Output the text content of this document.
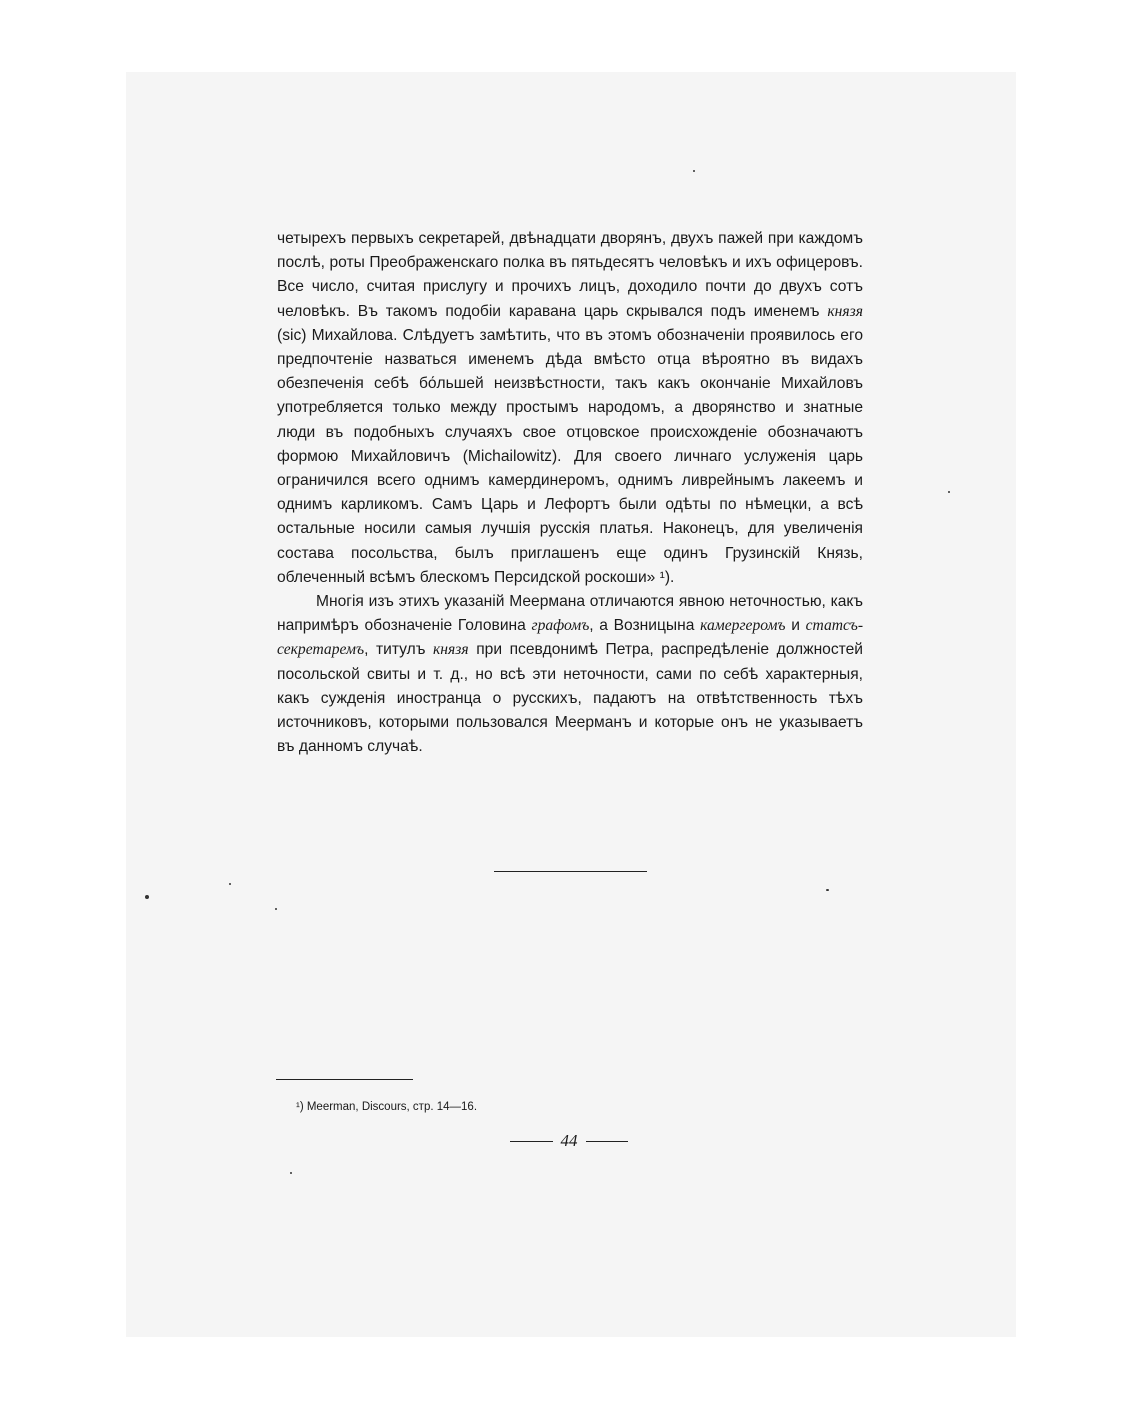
четырехъ первыхъ секретарей, двѣнадцати дворянъ, двухъ пажей при каждомъ послѣ, роты Преображенскаго полка въ пятьдесятъ человѣкъ и ихъ офицеровъ. Все число, считая прислугу и прочихъ лицъ, доходило почти до двухъ сотъ человѣкъ. Въ такомъ подобіи каравана царь скрывался подъ именемъ князя (sic) Михайлова. Слѣдуетъ замѣтить, что въ этомъ обозначеніи проявилось его предпочтеніе назваться именемъ дѣда вмѣсто отца вѣроятно въ видахъ обезпеченія себѣ бо́льшей неизвѣстности, такъ какъ окончаніе Михайловъ употребляется только между простымъ народомъ, а дворянство и знатные люди въ подобныхъ случаяхъ свое отцовское происхожденіе обозначаютъ формою Михайловичъ (Michailowitz). Для своего личнаго услуженія царь ограничился всего однимъ камердинеромъ, однимъ ливрейнымъ лакеемъ и однимъ карликомъ. Самъ Царь и Лефортъ были одѣты по нѣмецки, а всѣ остальные носили самыя лучшія русскія платья. Наконецъ, для увеличенія состава посольства, былъ приглашенъ еще одинъ Грузинскій Князь, облеченный всѣмъ блескомъ Персидской роскоши» ¹).

Многія изъ этихъ указаній Меермана отличаются явною неточностью, какъ напримѣръ обозначеніе Головина графомъ, а Возницына камергеромъ и статсъ-секретаремъ, титулъ князя при псевдонимѣ Петра, распредѣленіе должностей посольской свиты и т. д., но всѣ эти неточности, сами по себѣ характерныя, какъ сужденія иностранца о русскихъ, падаютъ на отвѣтственность тѣхъ источниковъ, которыми пользовался Меерманъ и которые онъ не указываетъ въ данномъ случаѣ.

¹) Meerman, Discours, стр. 14—16.
44
